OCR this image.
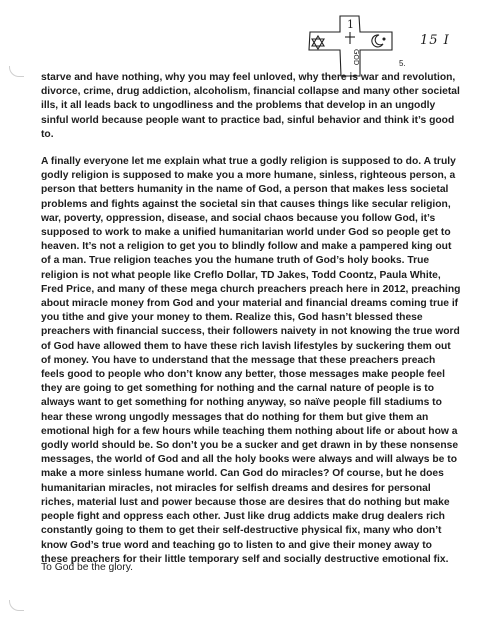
1
GOD
15 I
5.

starve and have nothing, why you may feel unloved, why there is war and revolution, divorce, crime, drug addiction, alcoholism, financial collapse and many other societal ills, it all leads back to ungodliness and the problems that develop in an ungodly sinful world because people want to practice bad, sinful behavior and think it’s good to.

A finally everyone let me explain what true a godly religion is supposed to do. A truly godly religion is supposed to make you a more humane, sinless, righteous person, a person that betters humanity in the name of God, a person that makes less societal problems and fights against the societal sin that causes things like secular religion, war, poverty, oppression, disease, and social chaos because you follow God, it’s supposed to work to make a unified humanitarian world under God so people get to heaven. It’s not a religion to get you to blindly follow and make a pampered king out of a man. True religion teaches you the humane truth of God’s holy books. True religion is not what people like Creflo Dollar, TD Jakes, Todd Coontz, Paula White, Fred Price, and many of these mega church preachers preach here in 2012, preaching about miracle money from God and your material and financial dreams coming true if you tithe and give your money to them. Realize this, God hasn’t blessed these preachers with financial success, their followers naivety in not knowing the true word of God have allowed them to have these rich lavish lifestyles by suckering them out of money. You have to understand that the message that these preachers preach feels good to people who don’t know any better, those messages make people feel they are going to get something for nothing and the carnal nature of people is to always want to get something for nothing anyway, so naïve people fill stadiums to hear these wrong ungodly messages that do nothing for them but give them an emotional high for a few hours while teaching them nothing about life or about how a godly world should be. So don’t you be a sucker and get drawn in by these nonsense messages, the world of God and all the holy books were always and will always be to make a more sinless humane world. Can God do miracles? Of course, but he does humanitarian miracles, not miracles for selfish dreams and desires for personal riches, material lust and power because those are desires that do nothing but make people fight and oppress each other. Just like drug addicts make drug dealers rich constantly going to them to get their self-destructive physical fix, many who don’t know God’s true word and teaching go to listen to and give their money away to these preachers for their little temporary self and socially destructive emotional fix.

To God be the glory.
